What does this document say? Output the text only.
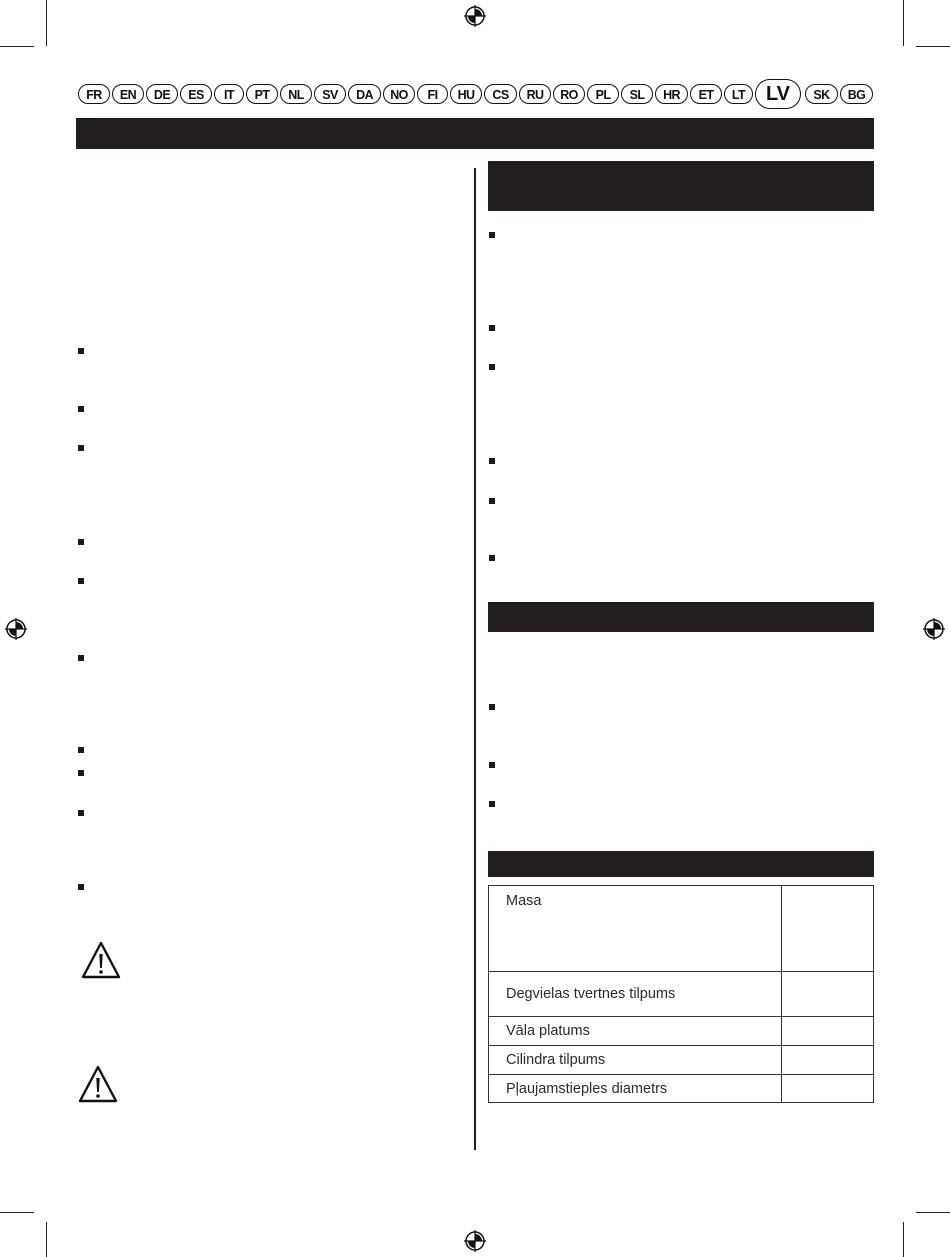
FR	EN	DE	ES	IT	PT	NL	SV	DA	NO	FI	HU	CS	RU	RO	PL	SL	HR	ET	LT	LV	SK	BG
Masa	
Degvielas tvertnes tilpums	
Vāla platums	
Cilindra tilpums	
Pļaujamstieples diametrs	
